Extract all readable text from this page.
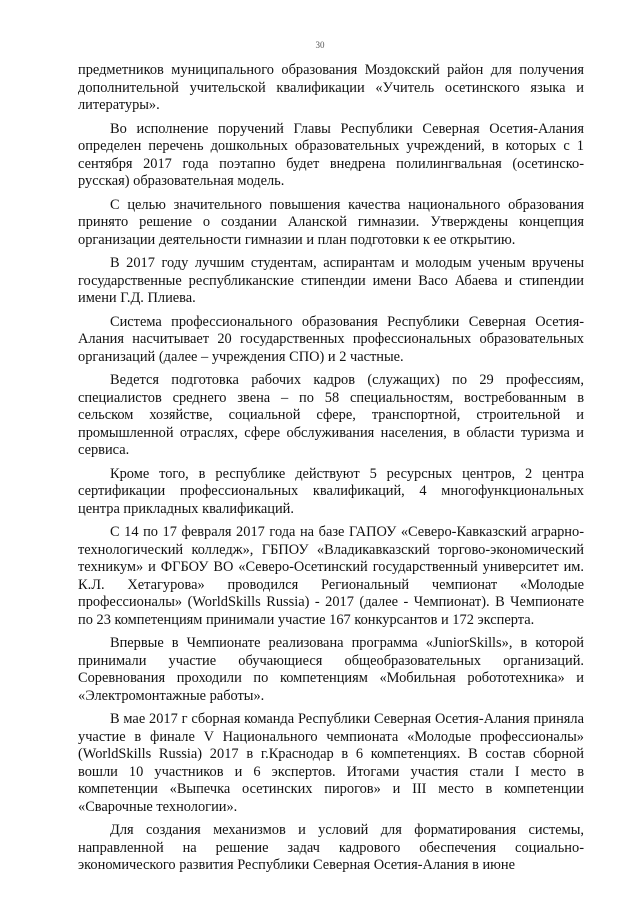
30

предметников муниципального образования Моздокский район для получения дополнительной учительской квалификации «Учитель осетинского языка и литературы».

Во исполнение поручений Главы Республики Северная Осетия-Алания определен перечень дошкольных образовательных учреждений, в которых с 1 сентября 2017 года поэтапно будет внедрена полилингвальная (осетинско-русская) образовательная модель.

С целью значительного повышения качества национального образования принято решение о создании Аланской гимназии. Утверждены концепция организации деятельности гимназии и план подготовки к ее открытию.

В 2017 году лучшим студентам, аспирантам и молодым ученым вручены государственные республиканские стипендии имени Васо Абаева и стипендии имени Г.Д. Плиева.

Система профессионального образования Республики Северная Осетия-Алания насчитывает 20 государственных профессиональных образовательных организаций (далее – учреждения СПО) и 2 частные.

Ведется подготовка рабочих кадров (служащих) по 29 профессиям, специалистов среднего звена – по 58 специальностям, востребованным в сельском хозяйстве, социальной сфере, транспортной, строительной и промышленной отраслях, сфере обслуживания населения, в области туризма и сервиса.

Кроме того, в республике действуют 5 ресурсных центров, 2 центра сертификации профессиональных квалификаций, 4 многофункциональных центра прикладных квалификаций.

С 14 по 17 февраля 2017 года на базе ГАПОУ «Северо-Кавказский аграрно-технологический колледж», ГБПОУ «Владикавказский торгово-экономический техникум» и ФГБОУ ВО «Северо-Осетинский государственный университет им. К.Л. Хетагурова» проводился Региональный чемпионат «Молодые профессионалы» (WorldSkills Russia) - 2017 (далее - Чемпионат). В Чемпионате по 23 компетенциям принимали участие 167 конкурсантов и 172 эксперта.

Впервые в Чемпионате реализована программа «JuniorSkills», в которой принимали участие обучающиеся общеобразовательных организаций. Соревнования проходили по компетенциям «Мобильная робототехника» и «Электромонтажные работы».

В мае 2017 г сборная команда Республики Северная Осетия-Алания приняла участие в финале V Национального чемпионата «Молодые профессионалы» (WorldSkills Russia) 2017 в г.Краснодар в 6 компетенциях. В состав сборной вошли 10 участников и 6 экспертов. Итогами участия стали I место в компетенции «Выпечка осетинских пирогов» и III место в компетенции «Сварочные технологии».

Для создания механизмов и условий для форматирования системы, направленной на решение задач кадрового обеспечения социально-экономического развития Республики Северная Осетия-Алания в июне
